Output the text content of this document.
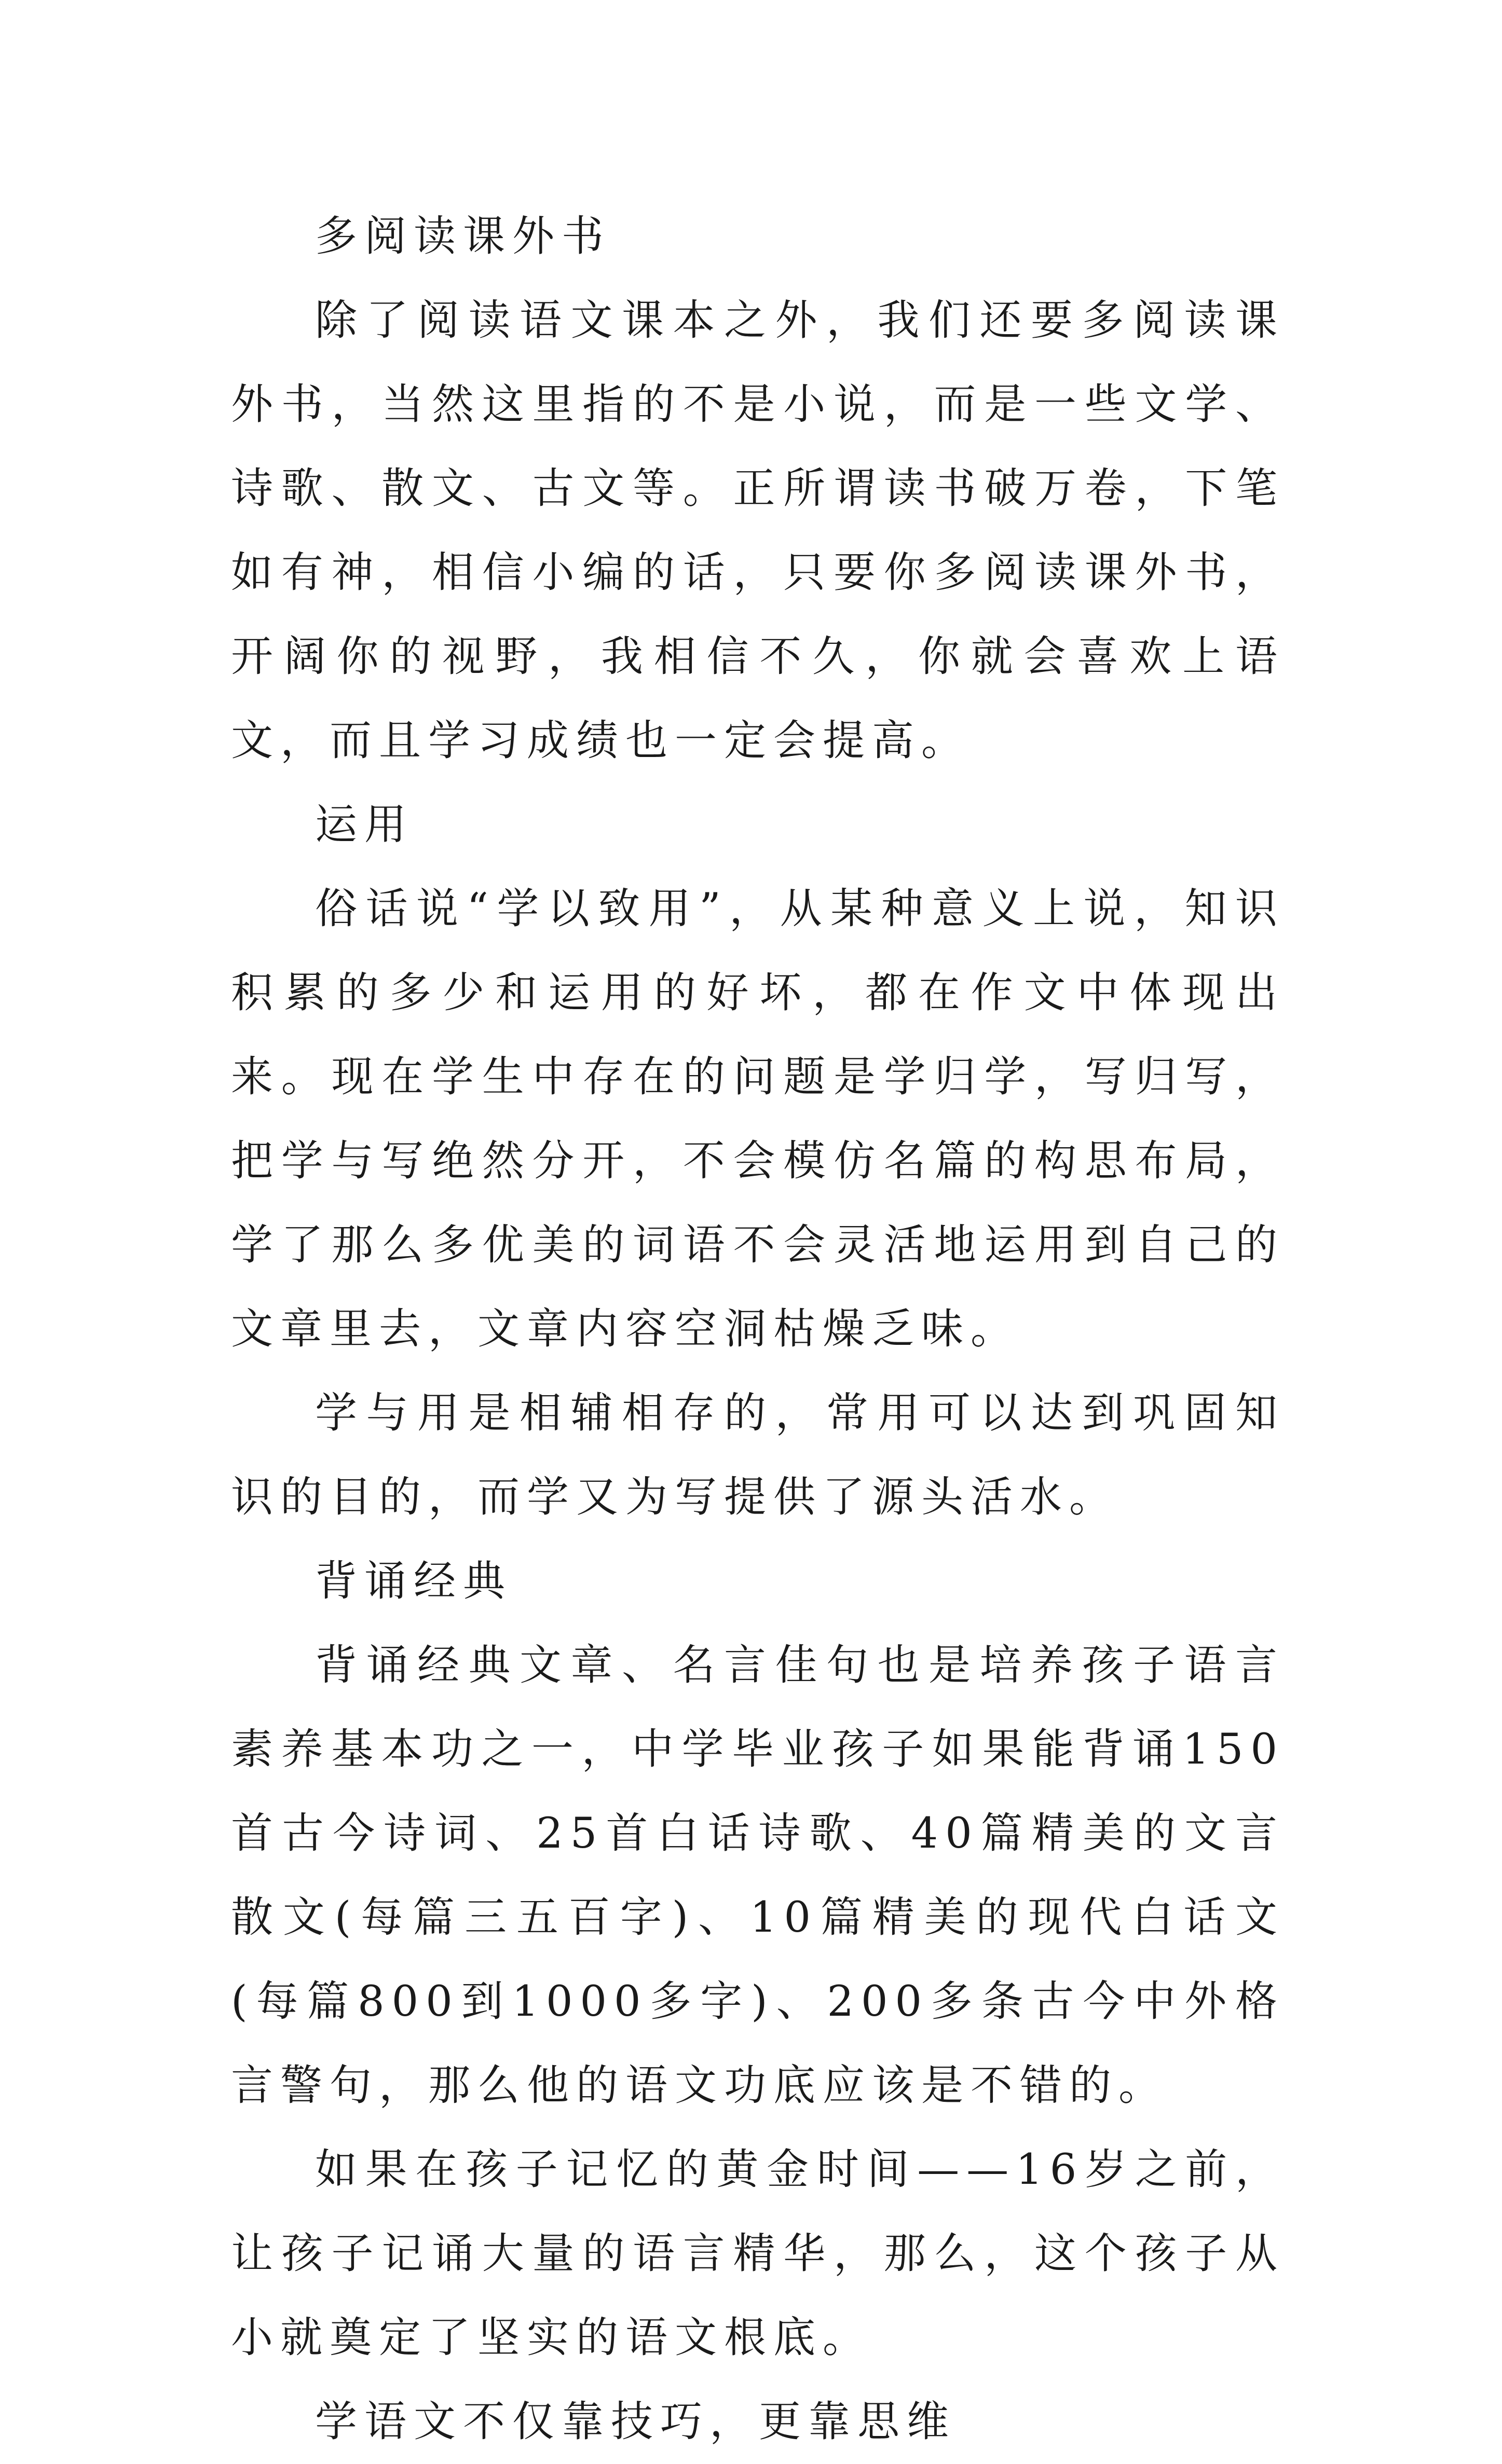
多阅读课外书

除了阅读语文课本之外，我们还要多阅读课外书，当然这里指的不是小说，而是一些文学、诗歌、散文、古文等。正所谓读书破万卷，下笔如有神，相信小编的话，只要你多阅读课外书，开阔你的视野，我相信不久，你就会喜欢上语文，而且学习成绩也一定会提高。

运用

俗话说“学以致用”，从某种意义上说，知识积累的多少和运用的好坏，都在作文中体现出来。现在学生中存在的问题是学归学，写归写，把学与写绝然分开，不会模仿名篇的构思布局，学了那么多优美的词语不会灵活地运用到自己的文章里去，文章内容空洞枯燥乏味。

学与用是相辅相存的，常用可以达到巩固知识的目的，而学又为写提供了源头活水。

背诵经典

背诵经典文章、名言佳句也是培养孩子语言素养基本功之一，中学毕业孩子如果能背诵150首古今诗词、25首白话诗歌、40篇精美的文言散文(每篇三五百字)、10篇精美的现代白话文(每篇800到1000多字)、200多条古今中外格言警句，那么他的语文功底应该是不错的。

如果在孩子记忆的黄金时间——16岁之前，让孩子记诵大量的语言精华，那么，这个孩子从小就奠定了坚实的语文根底。

学语文不仅靠技巧，更靠思维
